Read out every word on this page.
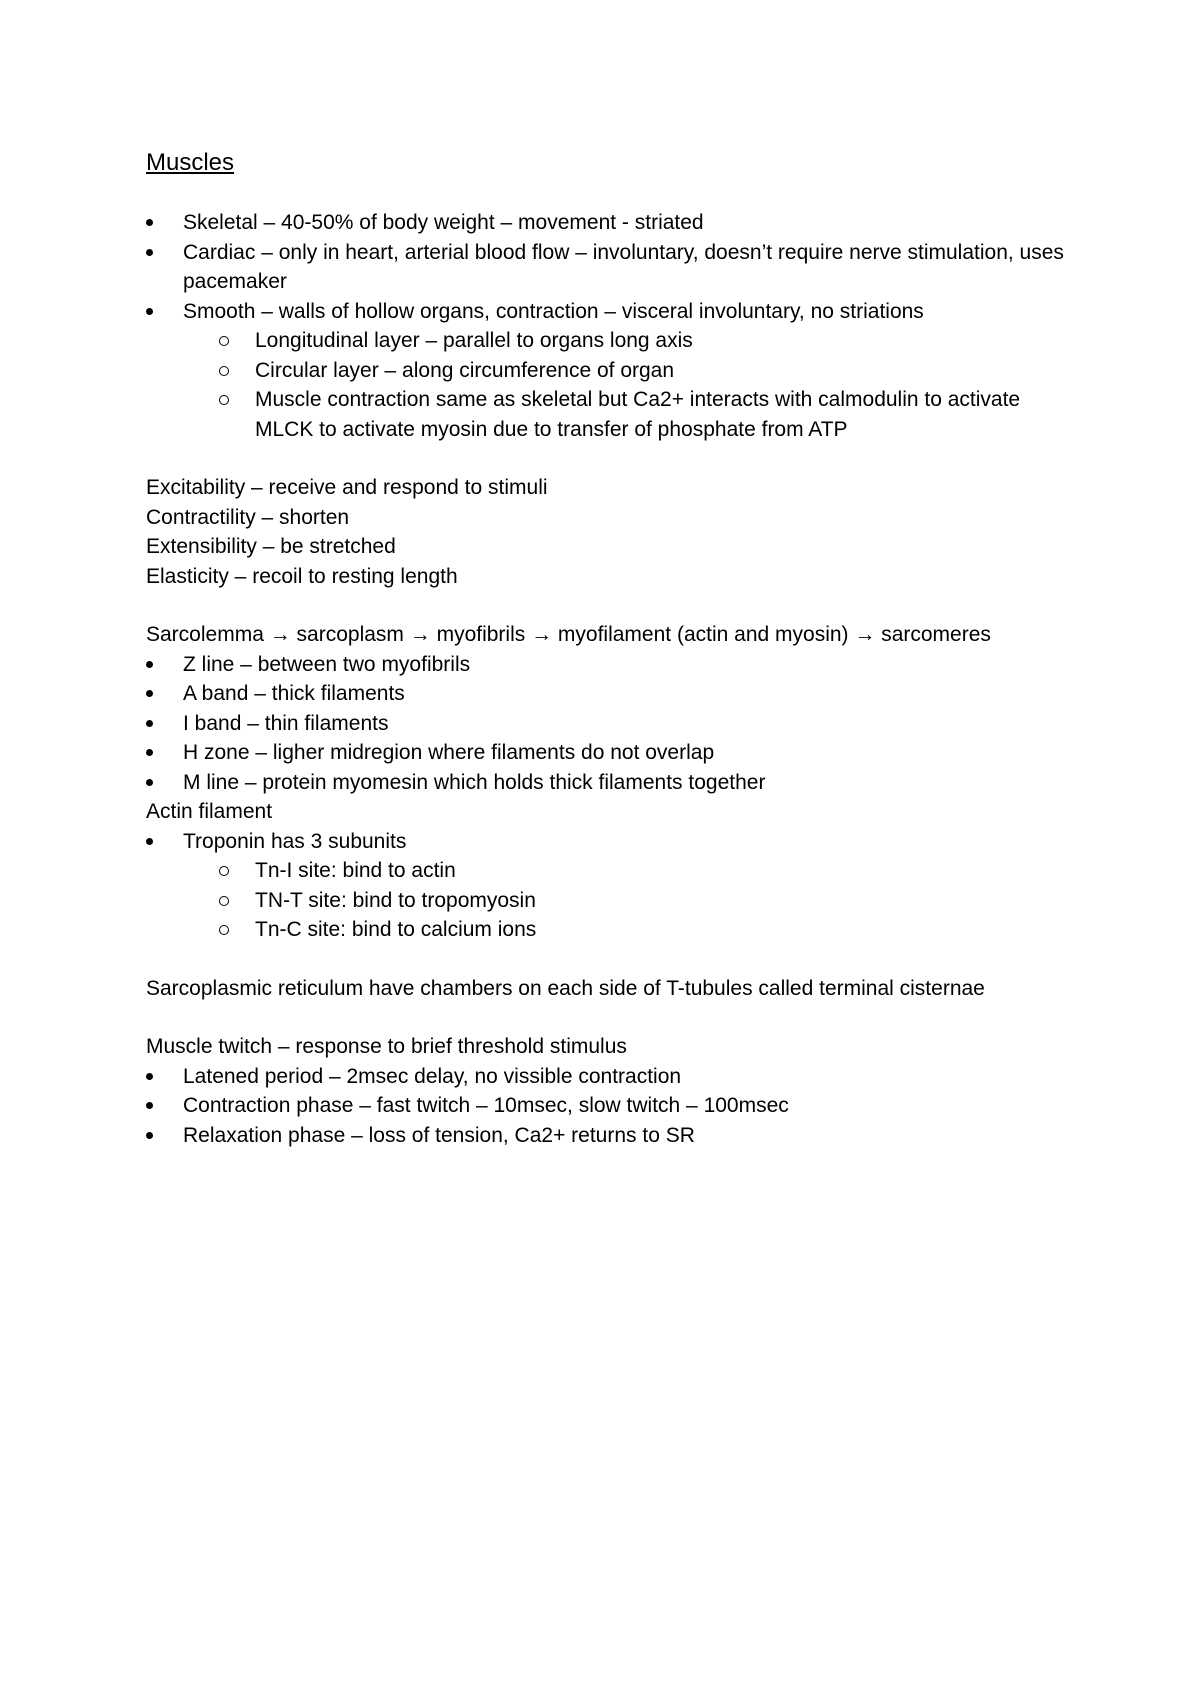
Muscles
Skeletal – 40-50% of body weight – movement - striated
Cardiac – only in heart, arterial blood flow – involuntary, doesn’t require nerve stimulation, uses pacemaker
Smooth – walls of hollow organs, contraction – visceral involuntary, no striations
Longitudinal layer – parallel to organs long axis
Circular layer – along circumference of organ
Muscle contraction same as skeletal but Ca2+ interacts with calmodulin to activate MLCK to activate myosin due to transfer of phosphate from ATP

Excitability – receive and respond to stimuli

Contractility – shorten

Extensibility – be stretched

Elasticity – recoil to resting length

Sarcolemma → sarcoplasm → myofibrils → myofilament (actin and myosin) → sarcomeres

Z line – between two myofibrils
A band – thick filaments
I band – thin filaments
H zone – ligher midregion where filaments do not overlap
M line – protein myomesin which holds thick filaments together

Actin filament

Troponin has 3 subunits
Tn-I site: bind to actin
TN-T site: bind to tropomyosin
Tn-C site: bind to calcium ions

Sarcoplasmic reticulum have chambers on each side of T-tubules called terminal cisternae

Muscle twitch – response to brief threshold stimulus

Latened period – 2msec delay, no vissible contraction
Contraction phase – fast twitch – 10msec, slow twitch – 100msec
Relaxation phase – loss of tension, Ca2+ returns to SR
